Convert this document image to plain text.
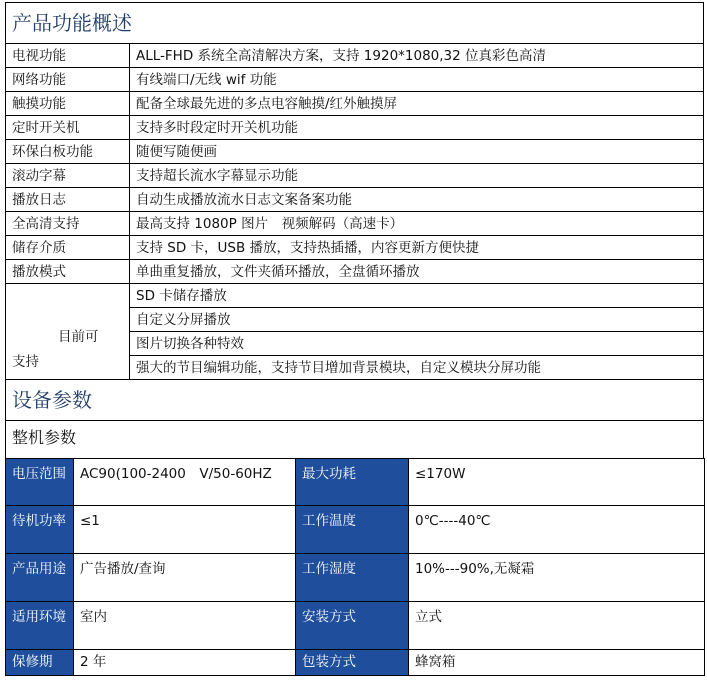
产品功能概述
电视功能	ALL-FHD 系统全高清解决方案，支持 1920*1080,32 位真彩色高清
网络功能	有线端口/无线 wif 功能
触摸功能	配备全球最先进的多点电容触摸/红外触摸屏
定时开关机	支持多时段定时开关机功能
环保白板功能	随便写随便画
滚动字幕	支持超长流水字幕显示功能
播放日志	自动生成播放流水日志文案备案功能
全高清支持	最高支持 1080P 图片　视频解码（高速卡）
储存介质	支持 SD 卡，USB 播放，支持热插播，内容更新方便快捷
播放模式	单曲重复播放，文件夹循环播放，全盘循环播放

目前可
支持	SD 卡储存播放
	自定义分屏播放
	图片切换各种特效
	强大的节目编辑功能，支持节目增加背景模块，自定义模块分屏功能
设备参数
整机参数
电压范围	AC90(100-2400　V/50-60HZ	最大功耗	≤170W
待机功率	≤1	工作温度	0℃----40℃
产品用途	广告播放/查询	工作湿度	10%---90%,无凝霜
适用环境	室内	安装方式	立式
保修期	2 年	包装方式	蜂窝箱
